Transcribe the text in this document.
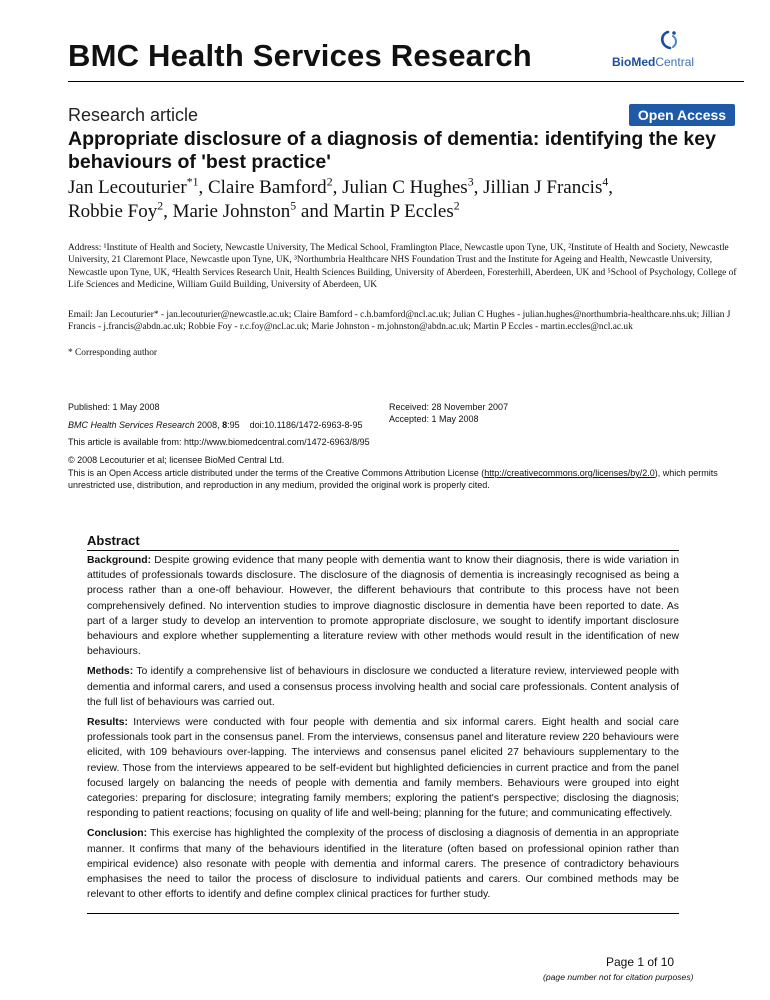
BMC Health Services Research	BioMedCentral
Research article	Open Access
Appropriate disclosure of a diagnosis of dementia: identifying the key behaviours of 'best practice'
Jan Lecouturier$^{*1}$, Claire Bamford$^2$, Julian C Hughes$^3$, Jillian J Francis$^4$,
Robbie Foy$^2$, Marie Johnston$^5$ and Martin P Eccles$^2$
Address: ¹Institute of Health and Society, Newcastle University, The Medical School, Framlington Place, Newcastle upon Tyne, UK, ²Institute of Health and Society, Newcastle University, 21 Claremont Place, Newcastle upon Tyne, UK, ³Northumbria Healthcare NHS Foundation Trust and the Institute for Ageing and Health, Newcastle University, Newcastle upon Tyne, UK, ⁴Health Services Research Unit, Health Sciences Building, University of Aberdeen, Foresterhill, Aberdeen, UK and ⁵School of Psychology, College of Life Sciences and Medicine, William Guild Building, University of Aberdeen, UK
Email: Jan Lecouturier* - jan.lecouturier@newcastle.ac.uk; Claire Bamford - c.h.bamford@ncl.ac.uk; Julian C Hughes - julian.hughes@northumbria-healthcare.nhs.uk; Jillian J Francis - j.francis@abdn.ac.uk; Robbie Foy - r.c.foy@ncl.ac.uk; Marie Johnston - m.johnston@abdn.ac.uk; Martin P Eccles - martin.eccles@ncl.ac.uk
* Corresponding author
Published: 1 May 2008	Received: 28 November 2007
Accepted: 1 May 2008
BMC Health Services Research 2008, 8:95    doi:10.1186/1472-6963-8-95
This article is available from: http://www.biomedcentral.com/1472-6963/8/95
© 2008 Lecouturier et al; licensee BioMed Central Ltd.
This is an Open Access article distributed under the terms of the Creative Commons Attribution License (http://creativecommons.org/licenses/by/2.0), which permits unrestricted use, distribution, and reproduction in any medium, provided the original work is properly cited.
Abstract

Background: Despite growing evidence that many people with dementia want to know their diagnosis, there is wide variation in attitudes of professionals towards disclosure. The disclosure of the diagnosis of dementia is increasingly recognised as being a process rather than a one-off behaviour. However, the different behaviours that contribute to this process have not been comprehensively defined. No intervention studies to improve diagnostic disclosure in dementia have been reported to date. As part of a larger study to develop an intervention to promote appropriate disclosure, we sought to identify important disclosure behaviours and explore whether supplementing a literature review with other methods would result in the identification of new behaviours.

Methods: To identify a comprehensive list of behaviours in disclosure we conducted a literature review, interviewed people with dementia and informal carers, and used a consensus process involving health and social care professionals. Content analysis of the full list of behaviours was carried out.

Results: Interviews were conducted with four people with dementia and six informal carers. Eight health and social care professionals took part in the consensus panel. From the interviews, consensus panel and literature review 220 behaviours were elicited, with 109 behaviours over-lapping. The interviews and consensus panel elicited 27 behaviours supplementary to the review. Those from the interviews appeared to be self-evident but highlighted deficiencies in current practice and from the panel focused largely on balancing the needs of people with dementia and family members. Behaviours were grouped into eight categories: preparing for disclosure; integrating family members; exploring the patient's perspective; disclosing the diagnosis; responding to patient reactions; focusing on quality of life and well-being; planning for the future; and communicating effectively.

Conclusion: This exercise has highlighted the complexity of the process of disclosing a diagnosis of dementia in an appropriate manner. It confirms that many of the behaviours identified in the literature (often based on professional opinion rather than empirical evidence) also resonate with people with dementia and informal carers. The presence of contradictory behaviours emphasises the need to tailor the process of disclosure to individual patients and carers. Our combined methods may be relevant to other efforts to identify and define complex clinical practices for further study.

Page 1 of 10
(page number not for citation purposes)
